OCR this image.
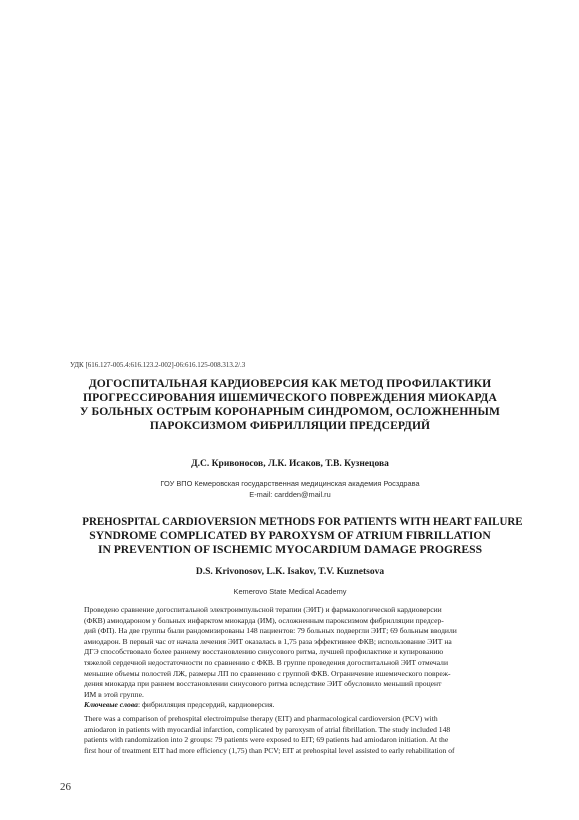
УДК [616.127-005.4:616.123.2-002]-06:616.125-008.313.2/.3
ДОГОСПИТАЛЬНАЯ КАРДИОВЕРСИЯ КАК МЕТОД ПРОФИЛАКТИКИ
ПРОГРЕССИРОВАНИЯ ИШЕМИЧЕСКОГО ПОВРЕЖДЕНИЯ МИОКАРДА
У БОЛЬНЫХ ОСТРЫМ КОРОНАРНЫМ СИНДРОМОМ, ОСЛОЖНЕННЫМ
ПАРОКСИЗМОМ ФИБРИЛЛЯЦИИ ПРЕДСЕРДИЙ
Д.С. Кривоносов, Л.К. Исаков, Т.В. Кузнецова
ГОУ ВПО Кемеровская государственная медицинская академия Росздрава
E-mail: cardden@mail.ru
PREHOSPITAL CARDIOVERSION METHODS FOR PATIENTS WITH HEART FAILURE
SYNDROME COMPLICATED BY PAROXYSM OF ATRIUM FIBRILLATION
IN PREVENTION OF ISCHEMIC MYOCARDIUM DAMAGE PROGRESS
D.S. Krivonosov, L.K. Isakov, T.V. Kuznetsova
Kemerovo State Medical Academy
Проведено сравнение догоспитальной электроимпульсной терапии (ЭИТ) и фармакологической кардиоверсии
(ФКВ) амиодароном у больных инфарктом миокарда (ИМ), осложненным пароксизмом фибрилляции предсер-
дий (ФП). На две группы были рандомизированы 148 пациентов: 79 больных подвергли ЭИТ; 69 больным вводили
амиодарон. В первый час от начала лечения ЭИТ оказалась в 1,75 раза эффективнее ФКВ; использование ЭИТ на
ДГЭ способствовало более раннему восстановлению синусового ритма, лучшей профилактике и купированию
тяжелой сердечной недостаточности по сравнению с ФКВ. В группе проведения догоспитальной ЭИТ отмечали
меньшие объемы полостей ЛЖ, размеры ЛП по сравнению с группой ФКВ. Ограничение ишемического повреж-
дения миокарда при раннем восстановлении синусового ритма вследствие ЭИТ обусловило меньший процент
ИМ в этой группе.
Ключевые слова: фибрилляция предсердий, кардиоверсия.
There was a comparison of prehospital electroimpulse therapy (EIT) and pharmacological cardioversion (PCV) with
amiodaron in patients with myocardial infarction, complicated by paroxysm of atrial fibrillation. The study included 148
patients with randomization into 2 groups: 79 patients were exposed to EIT; 69 patients had amiodaron initiation. At the
first hour of treatment EIT had more efficiency (1,75) than PCV; EIT at prehospital level assisted to early rehabilitation of
26
